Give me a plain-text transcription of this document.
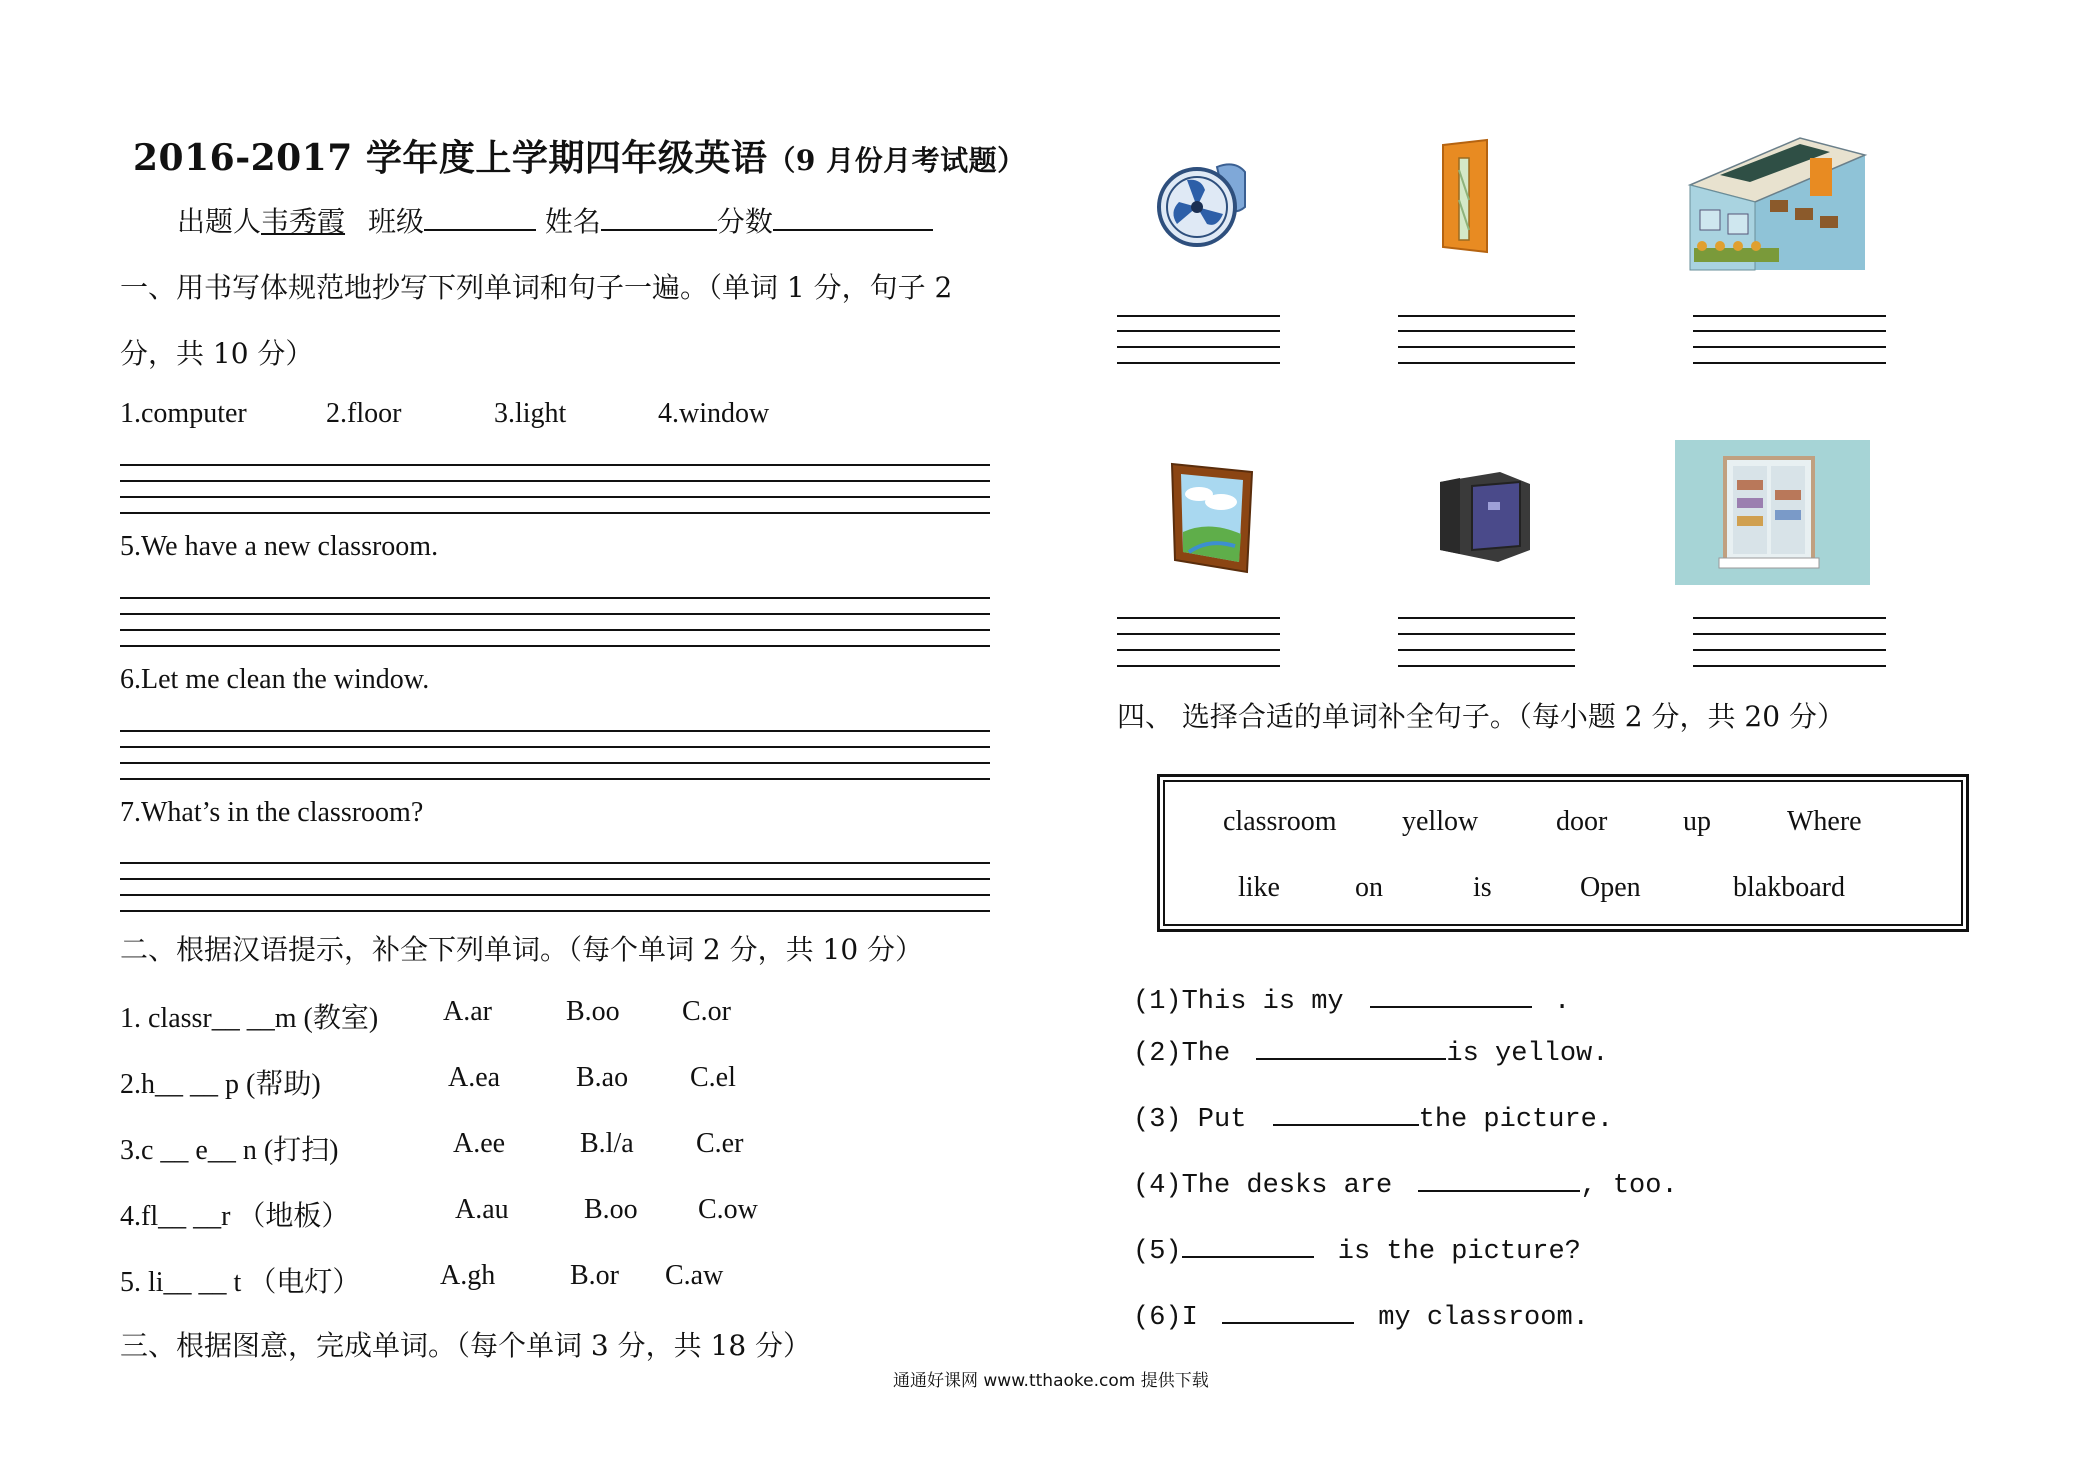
2016-2017 学年度上学期四年级英语（9 月份月考试题）
出题人韦秀霞 班级	姓名	分数
一、用书写体规范地抄写下列单词和句子一遍。（单词 1 分，句子 2
分，共 10 分）
1.computer	2.floor	3.light	4.window
5.We have a new classroom.
6.Let me clean the window.
7.What’s in the classroom?
二、根据汉语提示，补全下列单词。（每个单词 2 分，共 10 分）
1. classr__ __m (教室) A.ar	B.oo C.or
2.h__ __ p (帮助)	A.ea	B.ao C.el
3.c __ e__ n (打扫)	A.ee	B.l/a C.er
4.fl__ __r （地板）	A.au	B.oo C.ow
5. li__ __ t （电灯）	A.gh	B.or C.aw
三、根据图意，完成单词。（每个单词 3 分，共 18 分）
四、 选择合适的单词补全句子。（每小题 2 分，共 20 分）
classroom yellow	door	up	Where
like	on	is	Open	blakboard
(1)This is my	.
(2)The	is yellow.
(3) Put	the picture.
(4)The desks are	, too.
(5)	is the picture?
(6)I	my classroom.
通通好课网 www.tthaoke.com 提供下载
